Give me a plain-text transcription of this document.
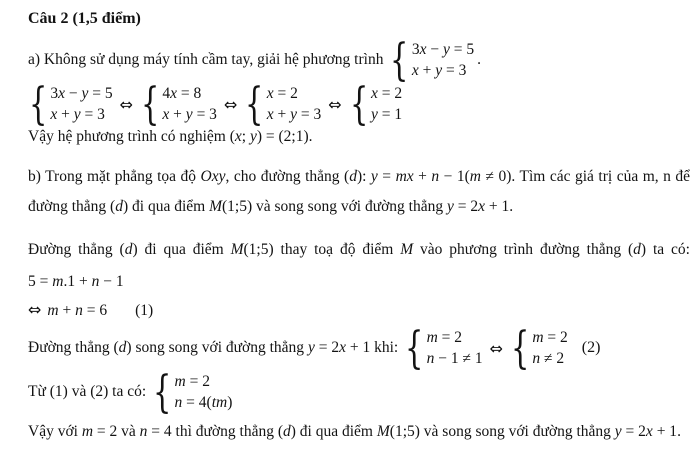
Câu 2 (1,5 điểm)
a) Không sử dụng máy tính cầm tay, giải hệ phương trình { 3x − y = 5
x + y = 3
.
{ 3x − y = 5
x + y = 3
⇔ { 4x = 8
x + y = 3
⇔ { x = 2
x + y = 3
⇔ { x = 2
y = 1
Vậy hệ phương trình có nghiệm (x; y) = (2;1).
b) Trong mặt phẳng tọa độ Oxy, cho đường thẳng (d): y = mx + n − 1(m ≠ 0). Tìm các giá trị của m, n để
đường thẳng (d) đi qua điểm M(1;5) và song song với đường thẳng y = 2x + 1.
Đường thẳng (d) đi qua điểm M(1;5) thay toạ độ điểm M vào phương trình đường thẳng (d) ta có:
5 = m.1 + n − 1
⇔ m + n = 6 (1)
Đường thẳng (d) song song với đường thẳng y = 2x + 1 khi: { m = 2
n − 1 ≠ 1
⇔ { m = 2
n ≠ 2
(2)
Từ (1) và (2) ta có: { m = 2
n = 4(tm)
Vậy với m = 2 và n = 4 thì đường thẳng (d) đi qua điểm M(1;5) và song song với đường thẳng y = 2x + 1.
